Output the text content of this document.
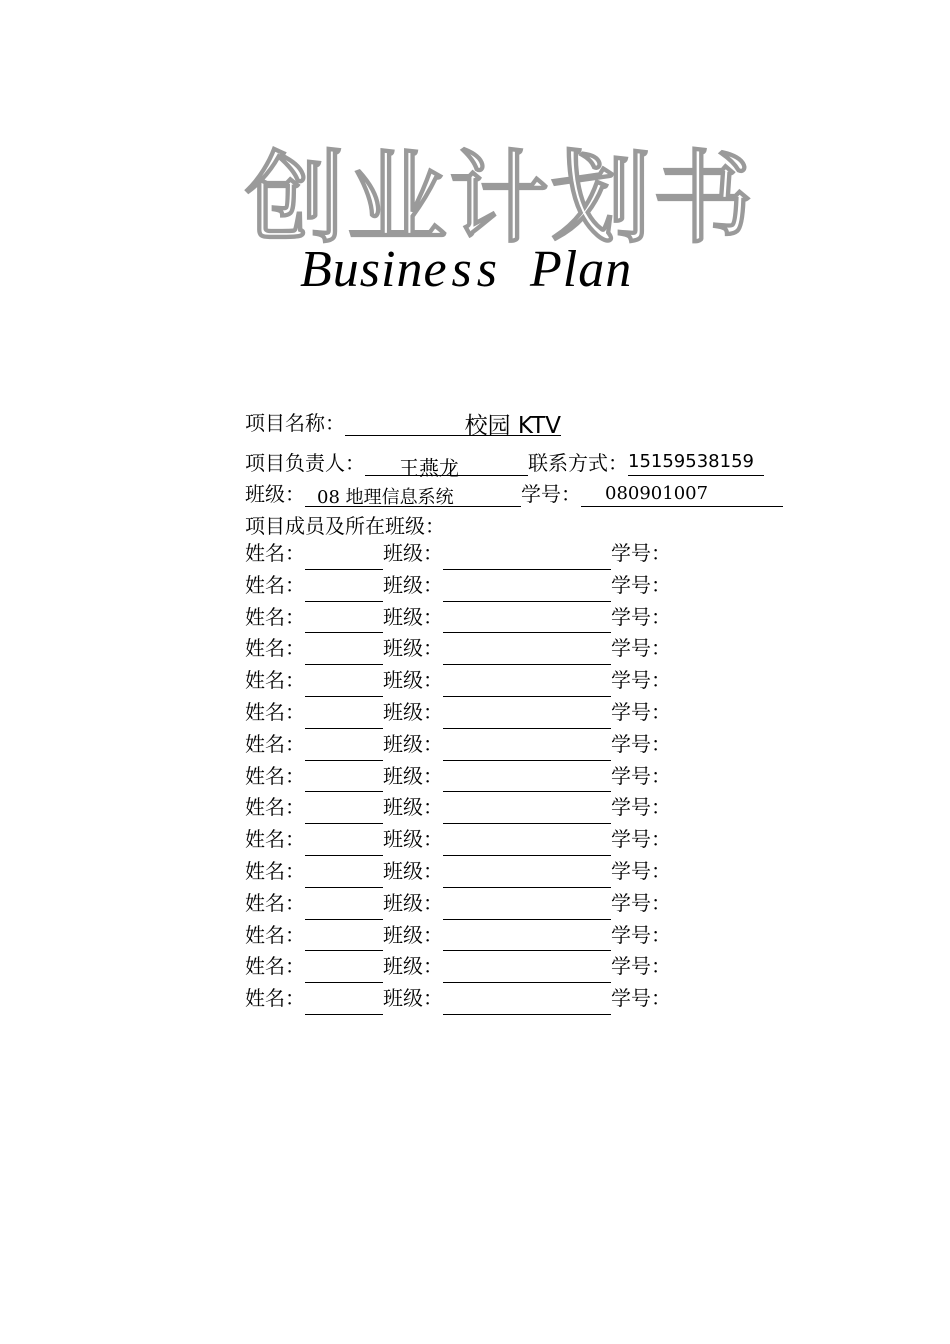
创业计划书
Business Plan
项目名称：	校园 KTV
项目负责人： 王燕龙	联系方式：15159538159
班级： 08 地理信息系统	学号： 080901007
项目成员及所在班级：
姓名：	班级：	学号：
姓名：	班级：	学号：
姓名：	班级：	学号：
姓名：	班级：	学号：
姓名：	班级：	学号：
姓名：	班级：	学号：
姓名：	班级：	学号：
姓名：	班级：	学号：
姓名：	班级：	学号：
姓名：	班级：	学号：
姓名：	班级：	学号：
姓名：	班级：	学号：
姓名：	班级：	学号：
姓名：	班级：	学号：
姓名：	班级：	学号：
